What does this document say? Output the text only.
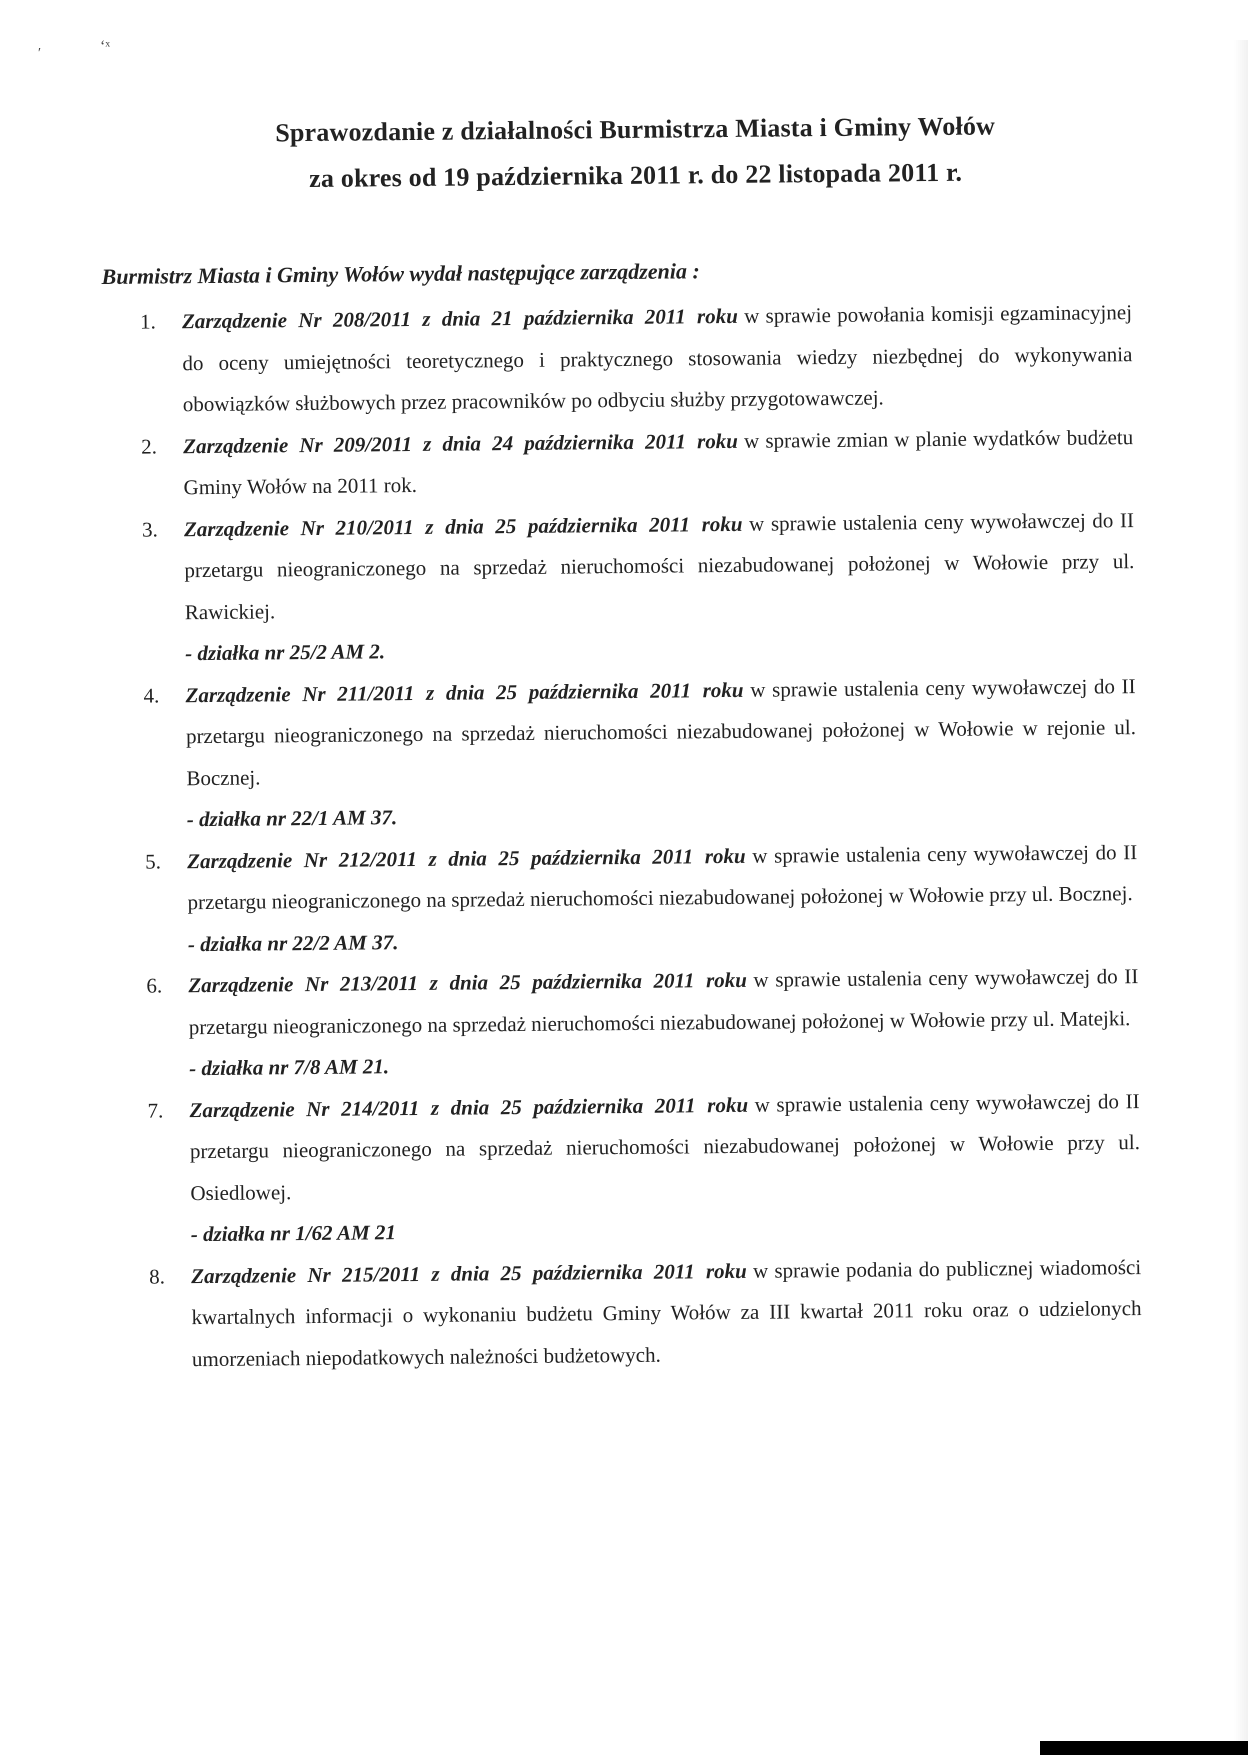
′	‘ˣ
Sprawozdanie z działalności Burmistrza Miasta i Gminy Wołów
za okres od 19 października 2011 r. do 22 listopada 2011 r.
Burmistrz Miasta i Gminy Wołów wydał następujące zarządzenia :
1. Zarządzenie Nr 208/2011 z dnia 21 października 2011 roku w sprawie powołania komisji egzaminacyjnej do oceny umiejętności teoretycznego i praktycznego stosowania wiedzy niezbędnej do wykonywania obowiązków służbowych przez pracowników po odbyciu służby przygotowawczej.
2. Zarządzenie Nr 209/2011 z dnia 24 października 2011 roku w sprawie zmian w planie wydatków budżetu Gminy Wołów na 2011 rok.
3. Zarządzenie Nr 210/2011 z dnia 25 października 2011 roku w sprawie ustalenia ceny wywoławczej do II przetargu nieograniczonego na sprzedaż nieruchomości niezabudowanej położonej w Wołowie przy ul. Rawickiej.
- działka nr 25/2 AM 2.
4. Zarządzenie Nr 211/2011 z dnia 25 października 2011 roku w sprawie ustalenia ceny wywoławczej do II przetargu nieograniczonego na sprzedaż nieruchomości niezabudowanej położonej w Wołowie w rejonie ul. Bocznej.
- działka nr 22/1 AM 37.
5. Zarządzenie Nr 212/2011 z dnia 25 października 2011 roku w sprawie ustalenia ceny wywoławczej do II przetargu nieograniczonego na sprzedaż nieruchomości niezabudowanej położonej w Wołowie przy ul. Bocznej.
- działka nr 22/2 AM 37.
6. Zarządzenie Nr 213/2011 z dnia 25 października 2011 roku w sprawie ustalenia ceny wywoławczej do II przetargu nieograniczonego na sprzedaż nieruchomości niezabudowanej położonej w Wołowie przy ul. Matejki.
- działka nr 7/8 AM 21.
7. Zarządzenie Nr 214/2011 z dnia 25 października 2011 roku w sprawie ustalenia ceny wywoławczej do II przetargu nieograniczonego na sprzedaż nieruchomości niezabudowanej położonej w Wołowie przy ul. Osiedlowej.
- działka nr 1/62 AM 21
8. Zarządzenie Nr 215/2011 z dnia 25 października 2011 roku w sprawie podania do publicznej wiadomości kwartalnych informacji o wykonaniu budżetu Gminy Wołów za III kwartał 2011 roku oraz o udzielonych umorzeniach niepodatkowych należności budżetowych.
